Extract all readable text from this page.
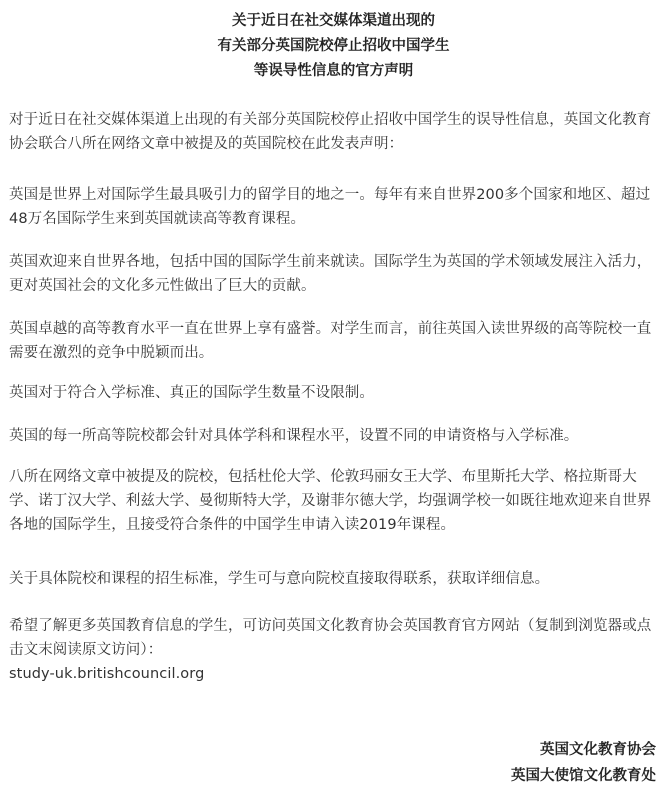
关于近日在社交媒体渠道出现的
有关部分英国院校停止招收中国学生
等误导性信息的官方声明

对于近日在社交媒体渠道上出现的有关部分英国院校停止招收中国学生的误导性信息，英国文化教育
协会联合八所在网络文章中被提及的英国院校在此发表声明：

英国是世界上对国际学生最具吸引力的留学目的地之一。每年有来自世界200多个国家和地区、超过
48万名国际学生来到英国就读高等教育课程。

英国欢迎来自世界各地，包括中国的国际学生前来就读。国际学生为英国的学术领域发展注入活力，
更对英国社会的文化多元性做出了巨大的贡献。

英国卓越的高等教育水平一直在世界上享有盛誉。对学生而言，前往英国入读世界级的高等院校一直
需要在激烈的竞争中脱颖而出。

英国对于符合入学标准、真正的国际学生数量不设限制。

英国的每一所高等院校都会针对具体学科和课程水平，设置不同的申请资格与入学标准。

八所在网络文章中被提及的院校，包括杜伦大学、伦敦玛丽女王大学、布里斯托大学、格拉斯哥大
学、诺丁汉大学、利兹大学、曼彻斯特大学，及谢菲尔德大学，均强调学校一如既往地欢迎来自世界
各地的国际学生，且接受符合条件的中国学生申请入读2019年课程。

关于具体院校和课程的招生标准，学生可与意向院校直接取得联系，获取详细信息。

希望了解更多英国教育信息的学生，可访问英国文化教育协会英国教育官方网站（复制到浏览器或点
击文末阅读原文访问）：
study-uk.britishcouncil.org

英国文化教育协会
英国大使馆文化教育处
